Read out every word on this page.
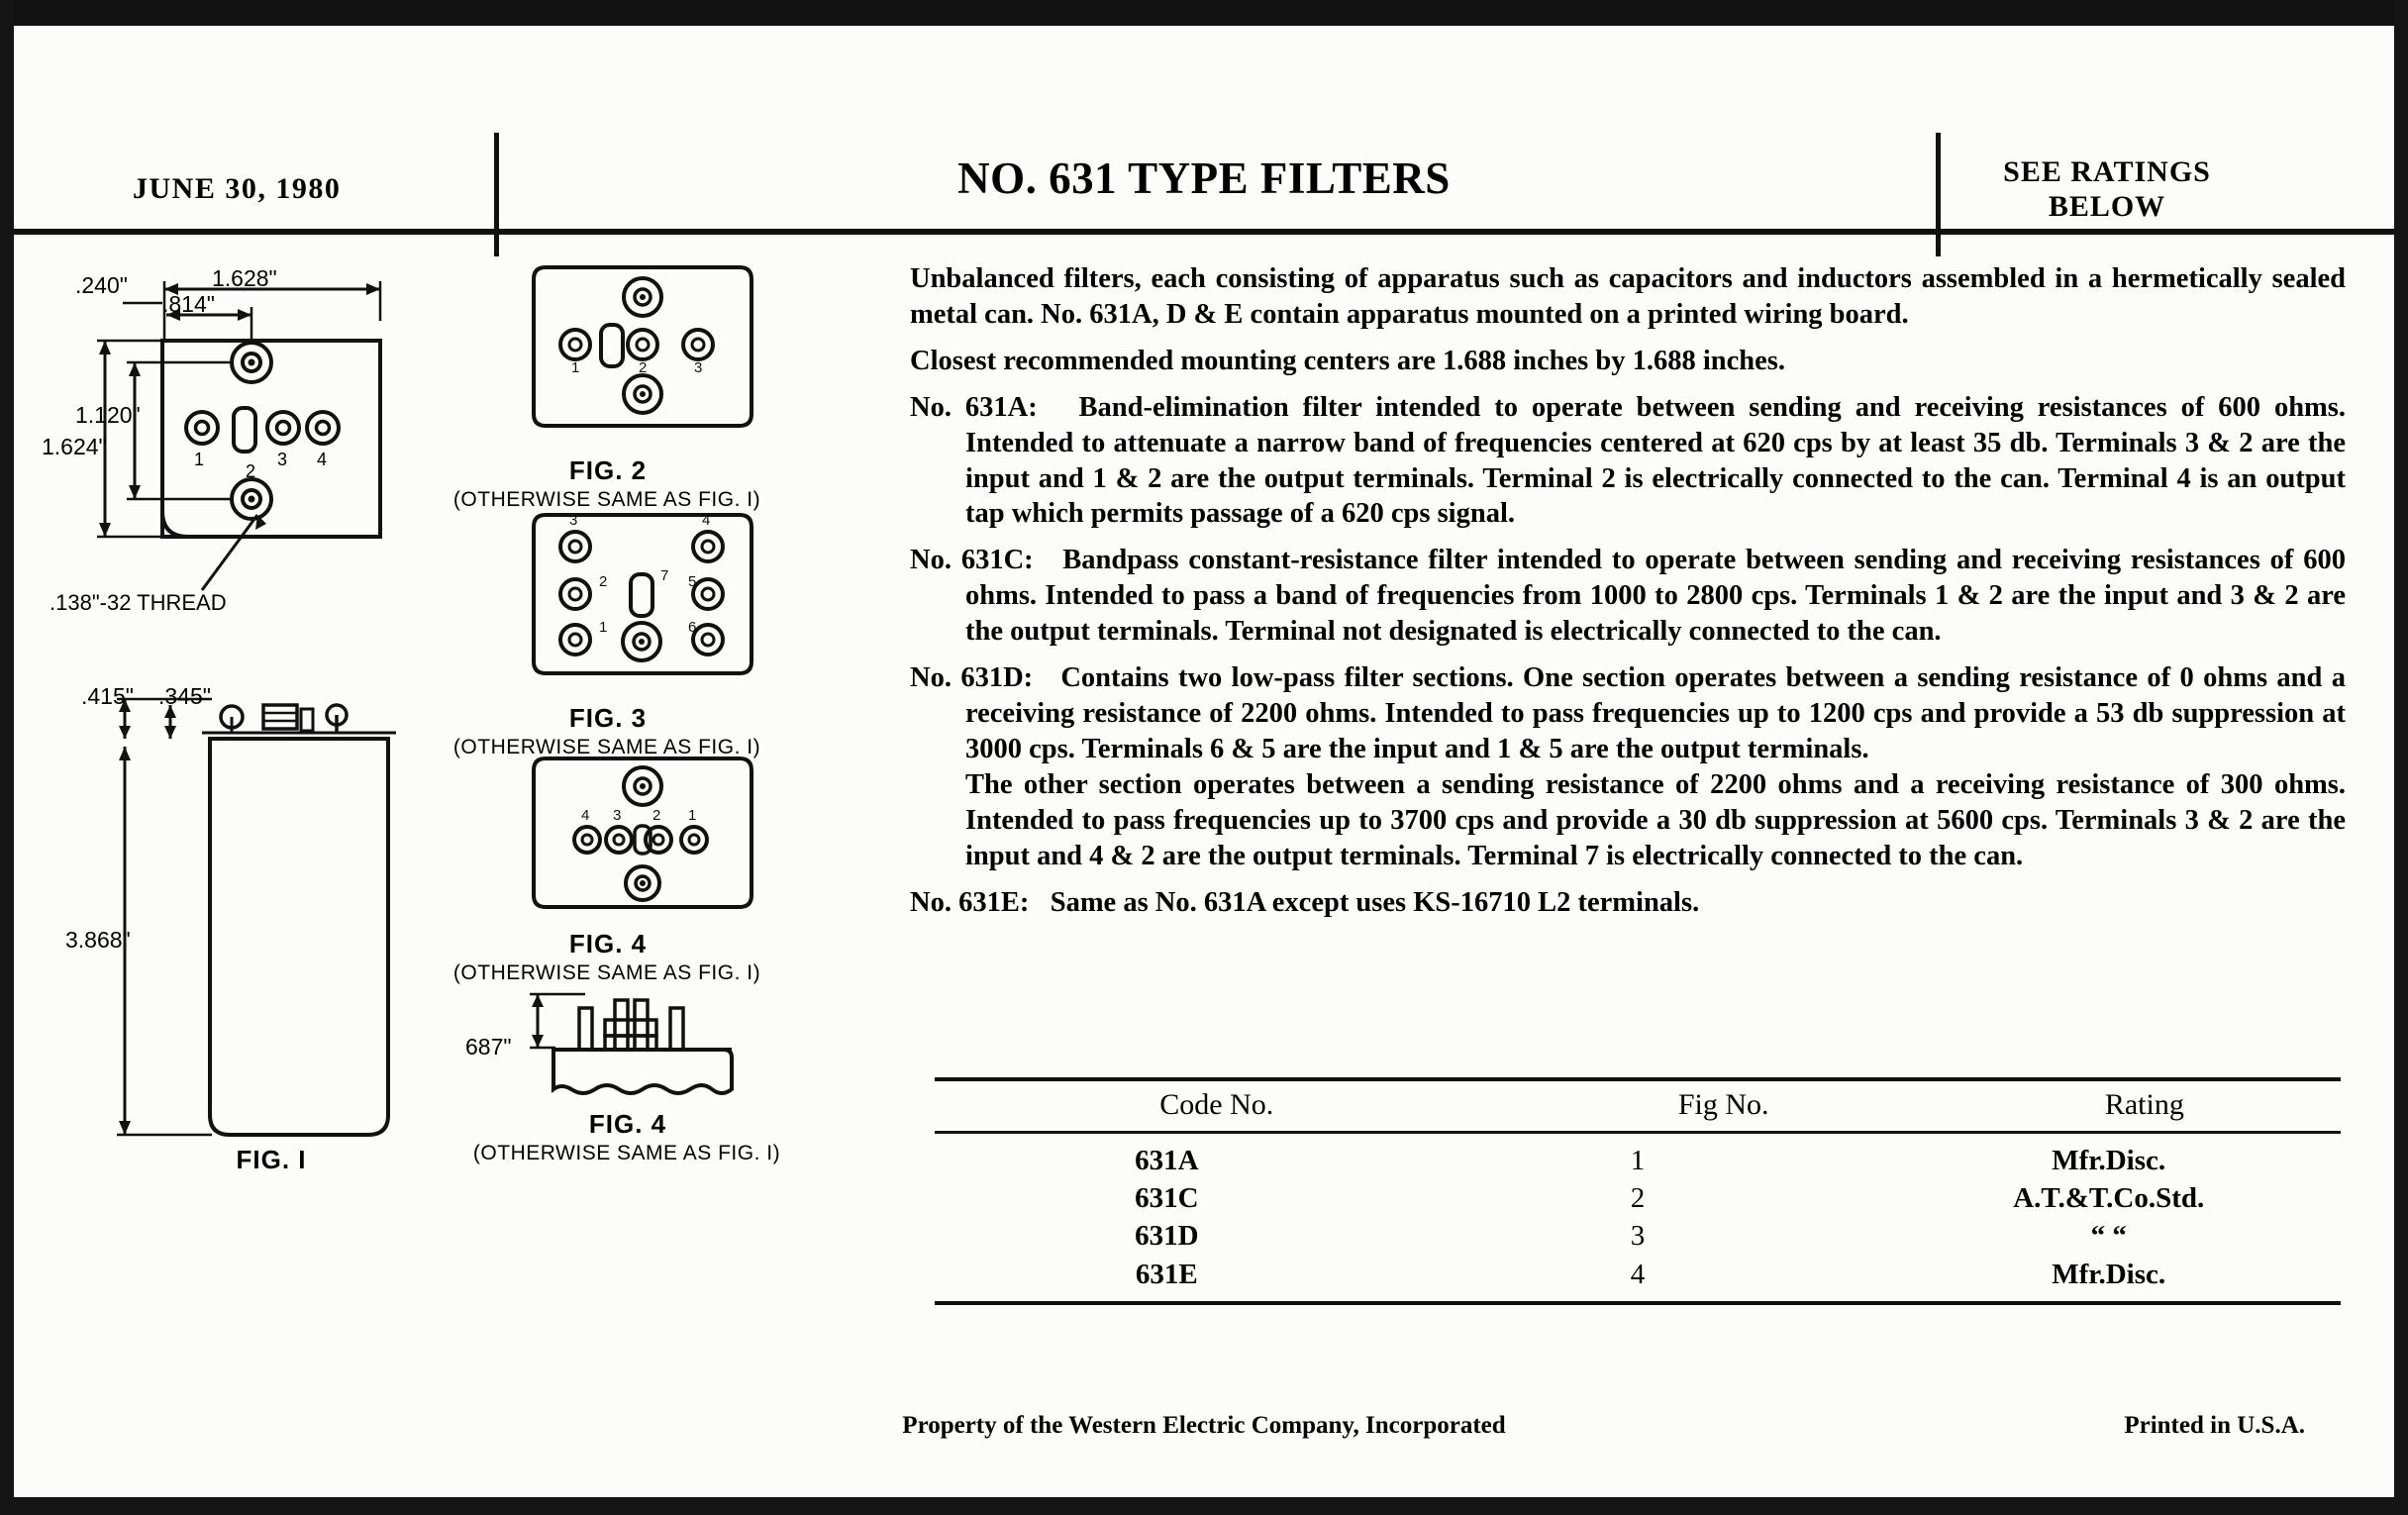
JUNE 30, 1980	NO. 631 TYPE FILTERS	SEE RATINGS
BELOW
.240"	1.628"
.814"
1.120"
1.624"
.138"-32 THREAD
1	3 4
2
.415" .345"
3.868"
FIG. I
1	2	3
FIG. 2
(OTHERWISE SAME AS FIG. I)
3	4
2	7 5
1	6
FIG. 3
(OTHERWISE SAME AS FIG. I)
4 3 2 1
FIG. 4
(OTHERWISE SAME AS FIG. I)
687"
FIG. 4
(OTHERWISE SAME AS FIG. I)
Unbalanced filters, each consisting of apparatus such as capacitors and inductors assembled in a hermetically sealed metal can. No. 631A, D & E contain apparatus mounted on a printed wiring board.
Closest recommended mounting centers are 1.688 inches by 1.688 inches.
No. 631A: Band-elimination filter intended to operate between sending and receiving resistances of 600 ohms. Intended to attenuate a narrow band of frequencies centered at 620 cps by at least 35 db. Terminals 3 & 2 are the input and 1 & 2 are the output terminals. Terminal 2 is electrically connected to the can. Terminal 4 is an output tap which permits passage of a 620 cps signal.
No. 631C: Bandpass constant-resistance filter intended to operate between sending and receiving resistances of 600 ohms. Intended to pass a band of frequencies from 1000 to 2800 cps. Terminals 1 & 2 are the input and 3 & 2 are the output terminals. Terminal not designated is electrically connected to the can.
No. 631D: Contains two low-pass filter sections. One section operates between a sending resistance of 0 ohms and a receiving resistance of 2200 ohms. Intended to pass frequencies up to 1200 cps and provide a 53 db suppression at 3000 cps. Terminals 6 & 5 are the input and 1 & 5 are the output terminals.
The other section operates between a sending resistance of 2200 ohms and a receiving resistance of 300 ohms. Intended to pass frequencies up to 3700 cps and provide a 30 db suppression at 5600 cps. Terminals 3 & 2 are the input and 4 & 2 are the output terminals. Terminal 7 is electrically connected to the can.
No. 631E: Same as No. 631A except uses KS-16710 L2 terminals.
Code No.	Fig No.	Rating
631A	1	Mfr.Disc.
631C	2	A.T.&T.Co.Std.
631D	3	“ “
631E	4	Mfr.Disc.
Property of the Western Electric Company, Incorporated	Printed in U.S.A.
